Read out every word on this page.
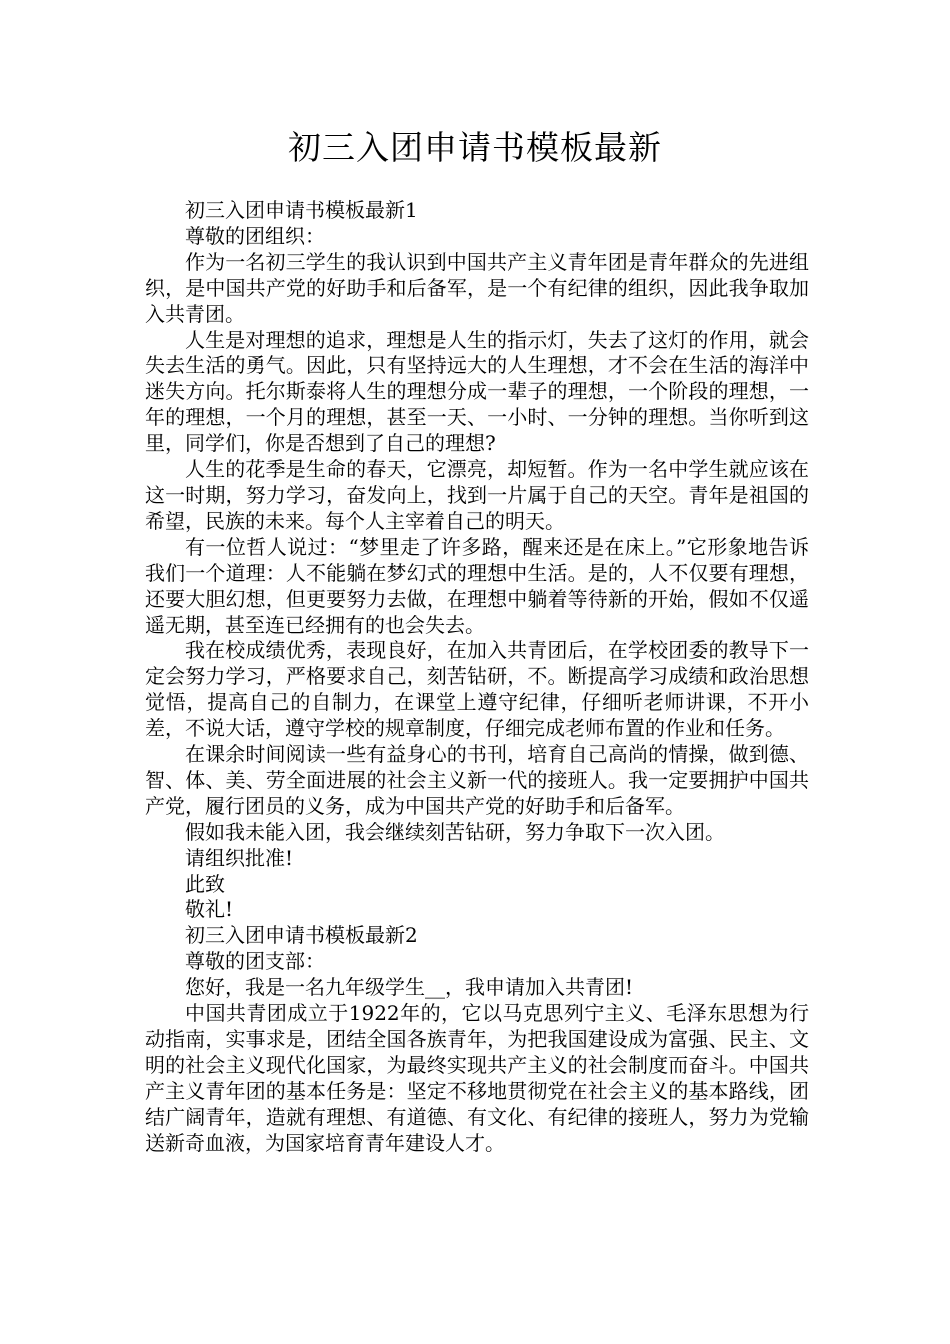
初三入团申请书模板最新

初三入团申请书模板最新1

尊敬的团组织：

作为一名初三学生的我认识到中国共产主义青年团是青年群众的先进组织，是中国共产党的好助手和后备军，是一个有纪律的组织，因此我争取加入共青团。

人生是对理想的追求，理想是人生的指示灯，失去了这灯的作用，就会失去生活的勇气。因此，只有坚持远大的人生理想，才不会在生活的海洋中迷失方向。托尔斯泰将人生的理想分成一辈子的理想，一个阶段的理想，一年的理想，一个月的理想，甚至一天、一小时、一分钟的理想。当你听到这里，同学们，你是否想到了自己的理想?

人生的花季是生命的春天，它漂亮，却短暂。作为一名中学生就应该在这一时期，努力学习，奋发向上，找到一片属于自己的天空。青年是祖国的希望，民族的未来。每个人主宰着自己的明天。

有一位哲人说过：“梦里走了许多路，醒来还是在床上。”它形象地告诉我们一个道理：人不能躺在梦幻式的理想中生活。是的，人不仅要有理想，还要大胆幻想，但更要努力去做，在理想中躺着等待新的开始，假如不仅遥遥无期，甚至连已经拥有的也会失去。

我在校成绩优秀，表现良好，在加入共青团后，在学校团委的教导下一定会努力学习，严格要求自己，刻苦钻研，不。断提高学习成绩和政治思想觉悟，提高自己的自制力，在课堂上遵守纪律，仔细听老师讲课，不开小差，不说大话，遵守学校的规章制度，仔细完成老师布置的作业和任务。

在课余时间阅读一些有益身心的书刊，培育自己高尚的情操，做到德、智、体、美、劳全面进展的社会主义新一代的接班人。我一定要拥护中国共产党，履行团员的义务，成为中国共产党的好助手和后备军。

假如我未能入团，我会继续刻苦钻研，努力争取下一次入团。

请组织批准!

此致

敬礼!

初三入团申请书模板最新2

尊敬的团支部：

您好，我是一名九年级学生__，我申请加入共青团!

中国共青团成立于1922年的，它以马克思列宁主义、毛泽东思想为行动指南，实事求是，团结全国各族青年，为把我国建设成为富强、民主、文明的社会主义现代化国家，为最终实现共产主义的社会制度而奋斗。中国共产主义青年团的基本任务是：坚定不移地贯彻党在社会主义的基本路线，团结广阔青年，造就有理想、有道德、有文化、有纪律的接班人，努力为党输送新奇血液，为国家培育青年建设人才。
